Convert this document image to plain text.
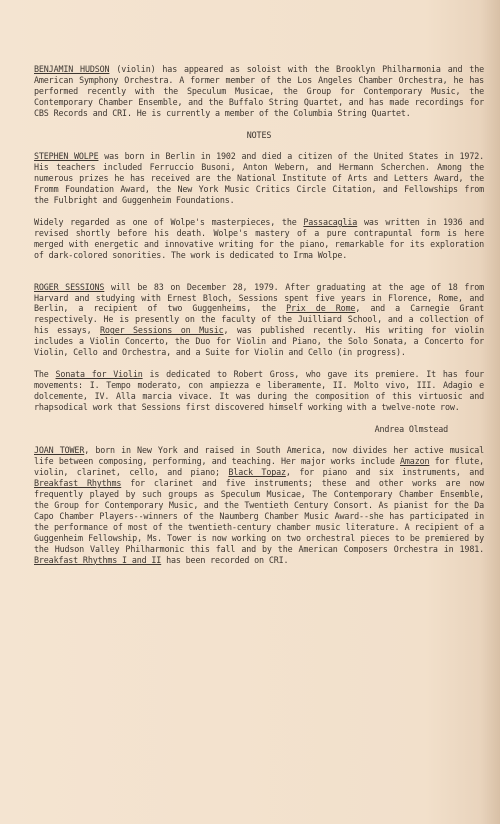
BENJAMIN HUDSON (violin) has appeared as soloist with the Brooklyn Philharmonia and the American Symphony Orchestra. A former member of the Los Angeles Chamber Orchestra, he has performed recently with the Speculum Musicae, the Group for Contemporary Music, the Contemporary Chamber Ensemble, and the Buffalo String Quartet, and has made recordings for CBS Records and CRI. He is currently a member of the Columbia String Quartet.

NOTES

STEPHEN WOLPE was born in Berlin in 1902 and died a citizen of the United States in 1972. His teachers included Ferruccio Busoni, Anton Webern, and Hermann Scherchen. Among the numerous prizes he has received are the National Institute of Arts and Letters Award, the Fromm Foundation Award, the New York Music Critics Circle Citation, and Fellowships from the Fulbright and Guggenheim Foundations.

Widely regarded as one of Wolpe's masterpieces, the Passacaglia was written in 1936 and revised shortly before his death. Wolpe's mastery of a pure contrapuntal form is here merged with energetic and innovative writing for the piano, remarkable for its exploration of dark-colored sonorities. The work is dedicated to Irma Wolpe.

ROGER SESSIONS will be 83 on December 28, 1979. After graduating at the age of 18 from Harvard and studying with Ernest Bloch, Sessions spent five years in Florence, Rome, and Berlin, a recipient of two Guggenheims, the Prix de Rome, and a Carnegie Grant respectively. He is presently on the faculty of the Juilliard School, and a collection of his essays, Roger Sessions on Music, was published recently. His writing for violin includes a Violin Concerto, the Duo for Violin and Piano, the Solo Sonata, a Concerto for Violin, Cello and Orchestra, and a Suite for Violin and Cello (in progress).

The Sonata for Violin is dedicated to Robert Gross, who gave its premiere. It has four movements: I. Tempo moderato, con ampiezza e liberamente, II. Molto vivo, III. Adagio e dolcemente, IV. Alla marcia vivace. It was during the composition of this virtuosic and rhapsodical work that Sessions first discovered himself working with a twelve-note row.

Andrea Olmstead

JOAN TOWER, born in New York and raised in South America, now divides her active musical life between composing, performing, and teaching. Her major works include Amazon for flute, violin, clarinet, cello, and piano; Black Topaz, for piano and six instruments, and Breakfast Rhythms for clarinet and five instruments; these and other works are now frequently played by such groups as Speculum Musicae, The Contemporary Chamber Ensemble, the Group for Contemporary Music, and the Twentieth Century Consort. As pianist for the Da Capo Chamber Players--winners of the Naumberg Chamber Music Award--she has participated in the performance of most of the twentieth-century chamber music literature. A recipient of a Guggenheim Fellowship, Ms. Tower is now working on two orchestral pieces to be premiered by the Hudson Valley Philharmonic this fall and by the American Composers Orchestra in 1981. Breakfast Rhythms I and II has been recorded on CRI.
